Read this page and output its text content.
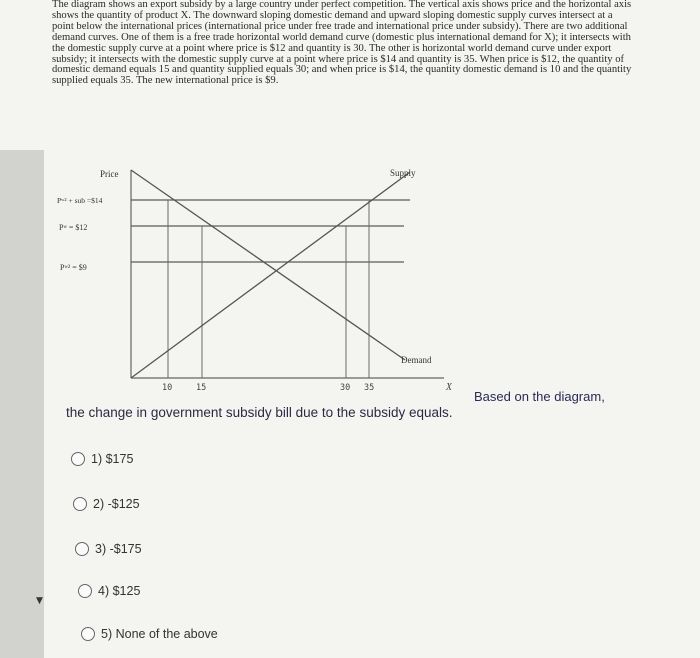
▼

The diagram shows an export subsidy by a large country under perfect competition. The vertical axis shows price and the horizontal axis shows the quantity of product X. The downward sloping domestic demand and upward sloping domestic supply curves intersect at a point below the international prices (international price under free trade and international price under subsidy). There are two additional demand curves. One of them is a free trade horizontal world demand curve (domestic plus international demand for X); it intersects with the domestic supply curve at a point where price is $12 and quantity is 30. The other is horizontal world demand curve under export subsidy; it intersects with the domestic supply curve at a point where price is $14 and quantity is 35. When price is $12, the quantity of domestic demand equals 15 and quantity supplied equals 30; and when price is $14, the quantity domestic demand is 10 and the quantity supplied equals 35. The new international price is $9.

Price	Supply
Demand
Pʷ² + sub =$14
Pʷ = $12
Pʷ² = $9
10	15	30 35	X
Based on the diagram,
the change in government subsidy bill due to the subsidy equals.
1) $175
2) -$125
3) -$175
4) $125
5) None of the above
